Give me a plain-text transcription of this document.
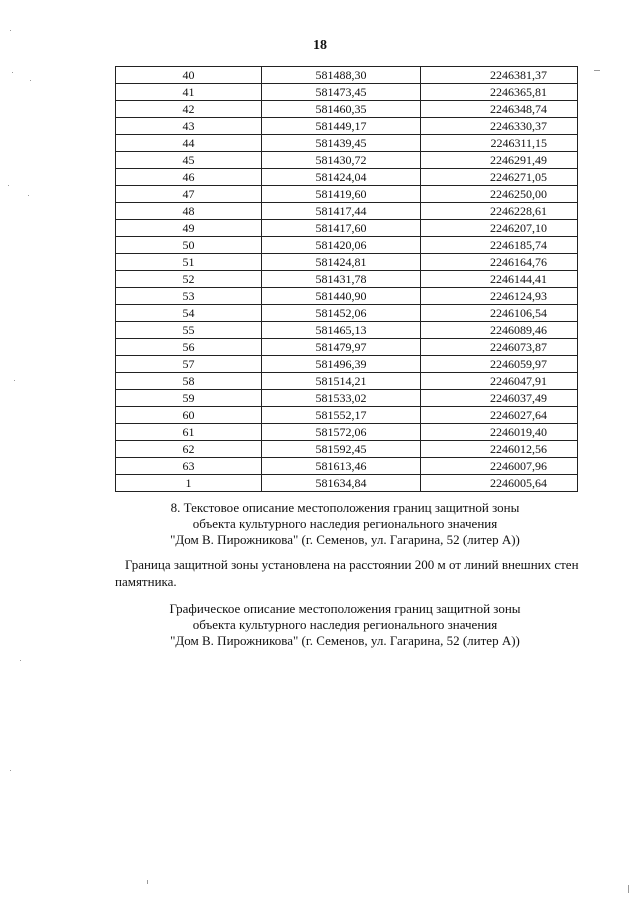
18
40	581488,30	2246381,37
41	581473,45	2246365,81
42	581460,35	2246348,74
43	581449,17	2246330,37
44	581439,45	2246311,15
45	581430,72	2246291,49
46	581424,04	2246271,05
47	581419,60	2246250,00
48	581417,44	2246228,61
49	581417,60	2246207,10
50	581420,06	2246185,74
51	581424,81	2246164,76
52	581431,78	2246144,41
53	581440,90	2246124,93
54	581452,06	2246106,54
55	581465,13	2246089,46
56	581479,97	2246073,87
57	581496,39	2246059,97
58	581514,21	2246047,91
59	581533,02	2246037,49
60	581552,17	2246027,64
61	581572,06	2246019,40
62	581592,45	2246012,56
63	581613,46	2246007,96
1	581634,84	2246005,64
8. Текстовое описание местоположения границ защитной зоны
объекта культурного наследия регионального значения
"Дом В. Пирожникова" (г. Семенов, ул. Гагарина, 52 (литер А))
Граница защитной зоны установлена на расстоянии 200 м от линий внешних стен
памятника.
Графическое описание местоположения границ защитной зоны
объекта культурного наследия регионального значения
"Дом В. Пирожникова" (г. Семенов, ул. Гагарина, 52 (литер А))
